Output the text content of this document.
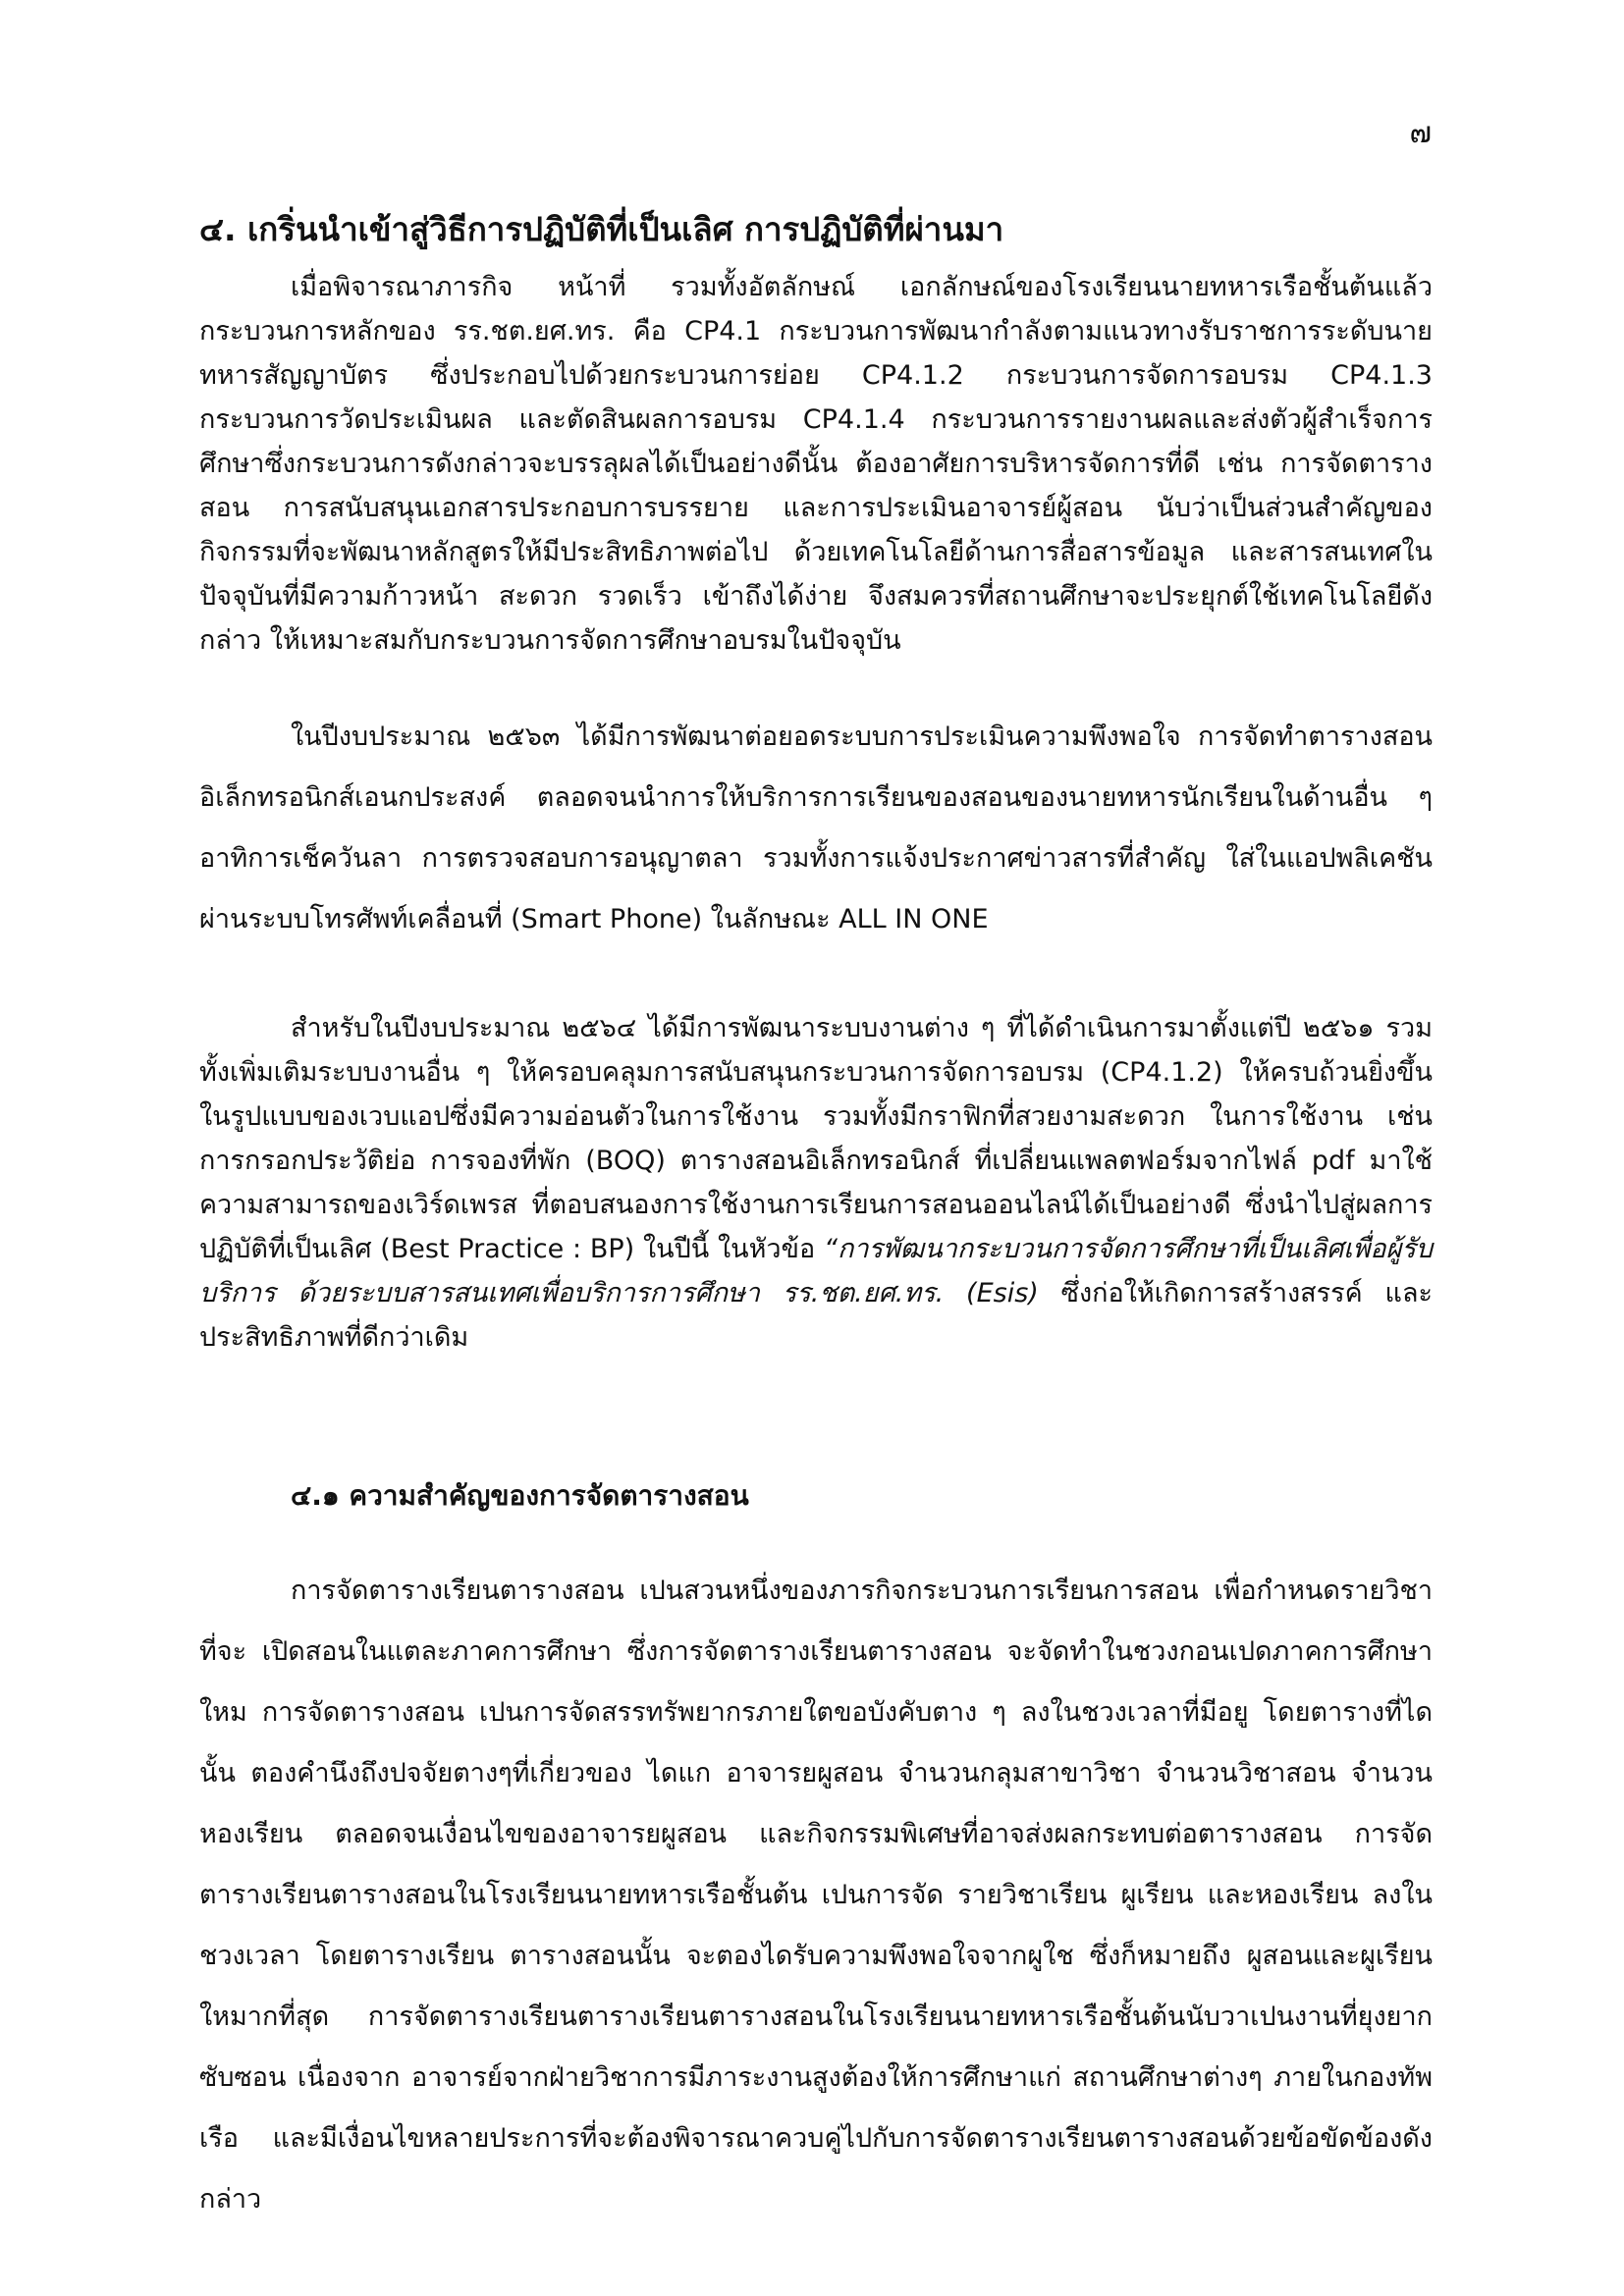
๗
๔. เกริ่นนำเข้าสู่วิธีการปฏิบัติที่เป็นเลิศ การปฏิบัติที่ผ่านมา

เมื่อพิจารณาภารกิจ หน้าที่ รวมทั้งอัตลักษณ์ เอกลักษณ์ของโรงเรียนนายทหารเรือชั้นต้นแล้ว กระบวนการหลักของ รร.ชต.ยศ.ทร. คือ CP4.1 กระบวนการพัฒนากำลังตามแนวทางรับราชการระดับนายทหารสัญญาบัตร ซึ่งประกอบไปด้วยกระบวนการย่อย CP4.1.2 กระบวนการจัดการอบรม CP4.1.3 กระบวนการวัดประเมินผล และตัดสินผลการอบรม CP4.1.4 กระบวนการรายงานผลและส่งตัวผู้สำเร็จการศึกษาซึ่งกระบวนการดังกล่าวจะบรรลุผลได้เป็นอย่างดีนั้น ต้องอาศัยการบริหารจัดการที่ดี เช่น การจัดตารางสอน การสนับสนุนเอกสารประกอบการบรรยาย และการประเมินอาจารย์ผู้สอน นับว่าเป็นส่วนสำคัญของกิจกรรมที่จะพัฒนาหลักสูตรให้มีประสิทธิภาพต่อไป ด้วยเทคโนโลยีด้านการสื่อสารข้อมูล และสารสนเทศในปัจจุบันที่มีความก้าวหน้า สะดวก รวดเร็ว เข้าถึงได้ง่าย จึงสมควรที่สถานศึกษาจะประยุกต์ใช้เทคโนโลยีดังกล่าว ให้เหมาะสมกับกระบวนการจัดการศึกษาอบรมในปัจจุบัน

ในปีงบประมาณ ๒๕๖๓ ได้มีการพัฒนาต่อยอดระบบการประเมินความพึงพอใจ การจัดทำตารางสอนอิเล็กทรอนิกส์เอนกประสงค์ ตลอดจนนำการให้บริการการเรียนของสอนของนายทหารนักเรียนในด้านอื่น ๆ อาทิการเช็ควันลา การตรวจสอบการอนุญาตลา รวมทั้งการแจ้งประกาศข่าวสารที่สำคัญ ใส่ในแอปพลิเคชัน ผ่านระบบโทรศัพท์เคลื่อนที่ (Smart Phone) ในลักษณะ ALL IN ONE

สำหรับในปีงบประมาณ ๒๕๖๔ ได้มีการพัฒนาระบบงานต่าง ๆ ที่ได้ดำเนินการมาตั้งแต่ปี ๒๕๖๑ รวมทั้งเพิ่มเติมระบบงานอื่น ๆ ให้ครอบคลุมการสนับสนุนกระบวนการจัดการอบรม (CP4.1.2) ให้ครบถ้วนยิ่งขึ้น ในรูปแบบของเวบแอปซึ่งมีความอ่อนตัวในการใช้งาน รวมทั้งมีกราฟิกที่สวยงามสะดวก ในการใช้งาน เช่น การกรอกประวัติย่อ การจองที่พัก (BOQ) ตารางสอนอิเล็กทรอนิกส์ ที่เปลี่ยนแพลตฟอร์มจากไฟล์ pdf มาใช้ความสามารถของเวิร์ดเพรส ที่ตอบสนองการใช้งานการเรียนการสอนออนไลน์ได้เป็นอย่างดี ซึ่งนำไปสู่ผลการปฏิบัติที่เป็นเลิศ (Best Practice : BP) ในปีนี้ ในหัวข้อ “การพัฒนากระบวนการจัดการศึกษาที่เป็นเลิศเพื่อผู้รับบริการ ด้วยระบบสารสนเทศเพื่อบริการการศึกษา รร.ชต.ยศ.ทร. (Esis) ซึ่งก่อให้เกิดการสร้างสรรค์ และประสิทธิภาพที่ดีกว่าเดิม

๔.๑ ความสำคัญของการจัดตารางสอน

การจัดตารางเรียนตารางสอน เปนสวนหนึ่งของภารกิจกระบวนการเรียนการสอน เพื่อกำหนดรายวิชาที่จะ เปิดสอนในแตละภาคการศึกษา ซึ่งการจัดตารางเรียนตารางสอน จะจัดทำในชวงกอนเปดภาคการศึกษาใหม การจัดตารางสอน เปนการจัดสรรทรัพยากรภายใตขอบังคับตาง ๆ ลงในชวงเวลาที่มีอยู โดยตารางที่ไดนั้น ตองคำนึงถึงปจจัยตางๆที่เกี่ยวของ ไดแก อาจารยผูสอน จำนวนกลุมสาขาวิชา จำนวนวิชาสอน จำนวนหองเรียน ตลอดจนเงื่อนไขของอาจารยผูสอน และกิจกรรมพิเศษที่อาจส่งผลกระทบต่อตารางสอน การจัดตารางเรียนตารางสอนในโรงเรียนนายทหารเรือชั้นต้น เปนการจัด รายวิชาเรียน ผูเรียน และหองเรียน ลงในชวงเวลา โดยตารางเรียน ตารางสอนนั้น จะตองไดรับความพึงพอใจจากผูใช ซึ่งก็หมายถึง ผูสอนและผูเรียน ใหมากที่สุด การจัดตารางเรียนตารางเรียนตารางสอนในโรงเรียนนายทหารเรือชั้นต้นนับวาเปนงานที่ยุงยาก ซับซอน เนื่องจาก อาจารย์จากฝ่ายวิชาการมีภาระงานสูงต้องให้การศึกษาแก่ สถานศึกษาต่างๆ ภายในกองทัพเรือ และมีเงื่อนไขหลายประการที่จะต้องพิจารณาควบคู่ไปกับการจัดตารางเรียนตารางสอนด้วยข้อขัดข้องดังกล่าว
